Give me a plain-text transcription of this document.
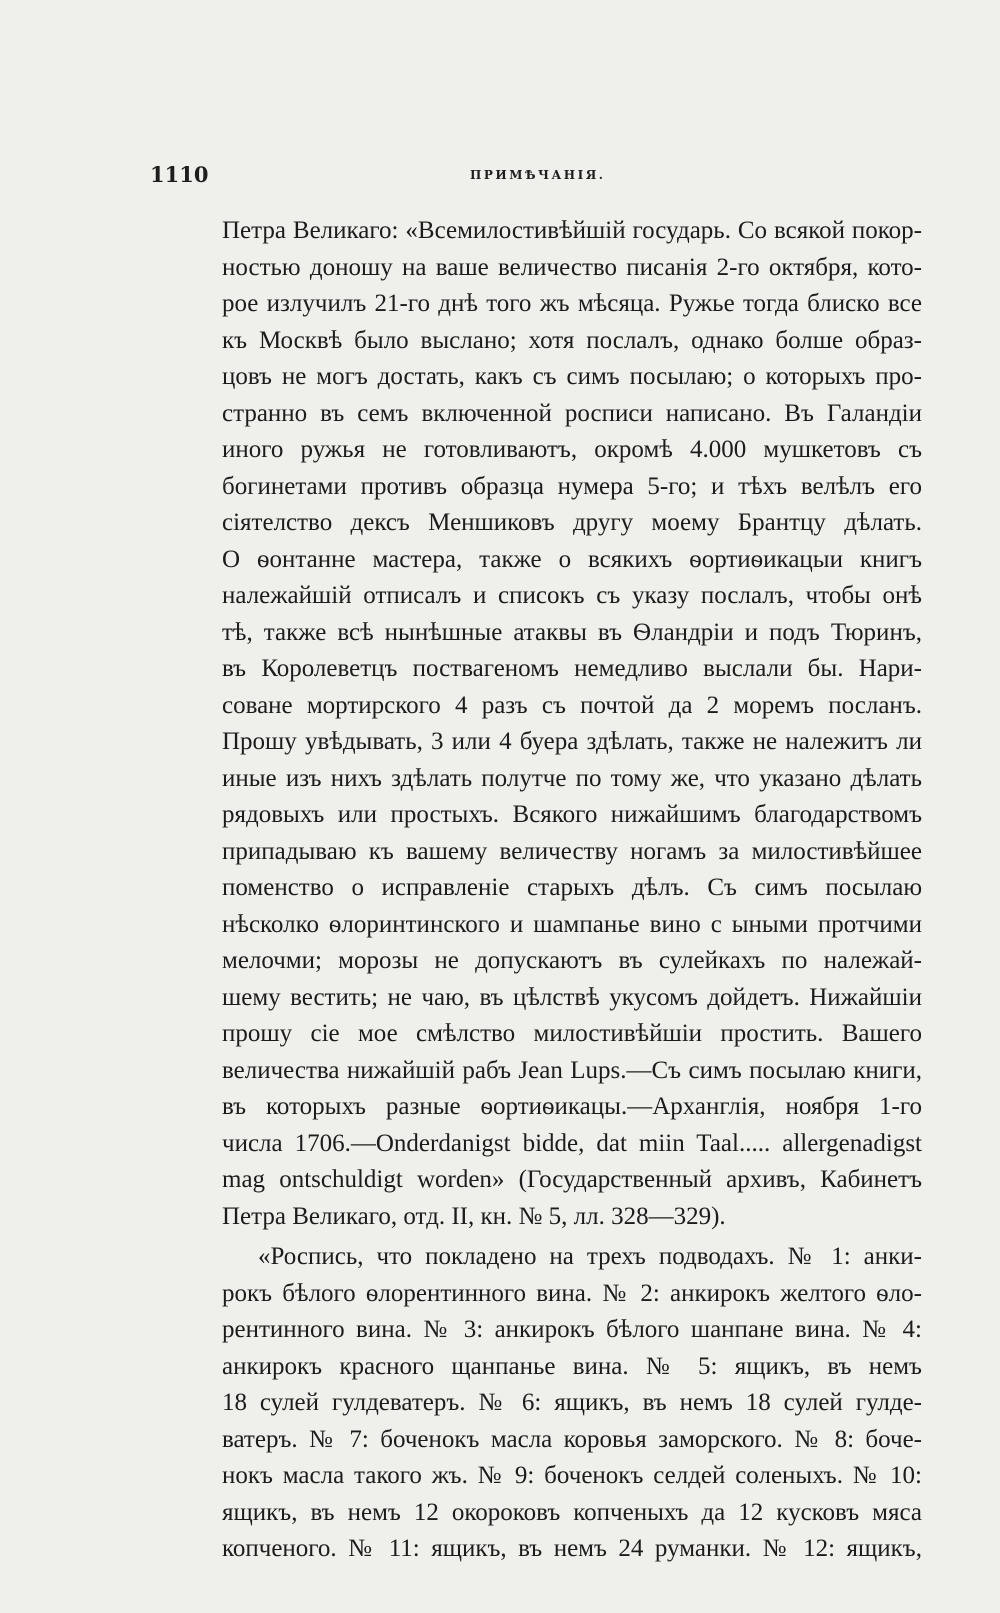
1110	ПРИМѢЧАНІЯ.
Петра Великаго: «Всемилостивѣйшій государь. Со всякой покор-
ностью доношу на ваше величество писанія 2-го октября, кото-
рое излучилъ 21-го днѣ того жъ мѣсяца. Ружье тогда блиско все
къ Москвѣ было выслано; хотя послалъ, однако болше образ-
цовъ не могъ достать, какъ съ симъ посылаю; о которыхъ про-
странно въ семъ включенной росписи написано. Въ Галандіи
иного ружья не готовливаютъ, окромѣ 4.000 мушкетовъ съ
богинетами противъ образца нумера 5-го; и тѣхъ велѣлъ его
сіятелство дексъ Меншиковъ другу моему Брантцу дѣлать.
О ѳонтанне мастера, также о всякихъ ѳортиѳикацыи книгъ
належайшій отписалъ и списокъ съ указу послалъ, чтобы онѣ
тѣ, также всѣ нынѣшные атаквы въ Ѳландріи и подъ Тюринъ,
въ Королеветцъ поствагеномъ немедливо выслали бы. Нари-
соване мортирского 4 разъ съ почтой да 2 моремъ посланъ.
Прошу увѣдывать, 3 или 4 буера здѣлать, также не належитъ ли
иные изъ нихъ здѣлать полутче по тому же, что указано дѣлать
рядовыхъ или простыхъ. Всякого нижайшимъ благодарствомъ
припадываю къ вашему величеству ногамъ за милостивѣйшее
поменство о исправленіе старыхъ дѣлъ. Съ симъ посылаю
нѣсколко ѳлоринтинского и шампанье вино с ыными протчими
мелочми; морозы не допускаютъ въ сулейкахъ по належай-
шему вестить; не чаю, въ цѣлствѣ укусомъ дойдетъ. Нижайшіи
прошу сіе мое смѣлство милостивѣйшіи простить. Вашего
величества нижайшій рабъ Jean Lups.—Съ симъ посылаю книги,
въ которыхъ разные ѳортиѳикацы.—Арханглія, ноября 1-го
числа 1706.—Onderdanigst bidde, dat miin Taal..... allergenadigst
mag ontschuldigt worden» (Государственный архивъ, Кабинетъ
Петра Великаго, отд. II, кн. № 5, лл. 328—329).
«Роспись, что покладено на трехъ подводахъ. № 1: анки-
рокъ бѣлого ѳлорентинного вина. № 2: анкирокъ желтого ѳло-
рентинного вина. № 3: анкирокъ бѣлого шанпане вина. № 4:
анкирокъ красного щанпанье вина. № 5: ящикъ, въ немъ
18 сулей гулдеватеръ. № 6: ящикъ, въ немъ 18 сулей гулде-
ватеръ. № 7: боченокъ масла коровья заморского. № 8: боче-
нокъ масла такого жъ. № 9: боченокъ селдей соленыхъ. № 10:
ящикъ, въ немъ 12 окороковъ копченыхъ да 12 кусковъ мяса
копченого. № 11: ящикъ, въ немъ 24 руманки. № 12: ящикъ,
